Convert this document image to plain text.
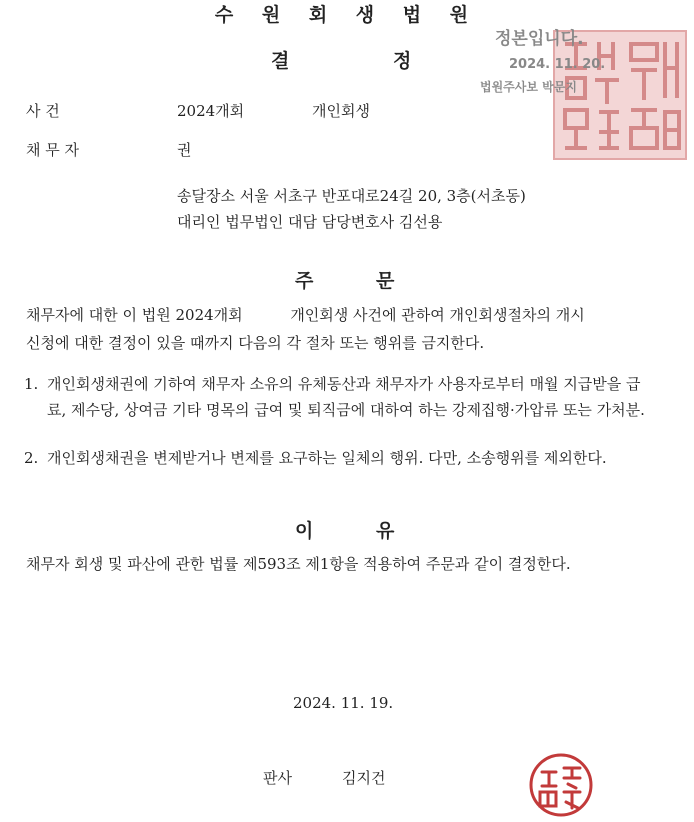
수 원 회 생 법 원
결	정
정본입니다.
2024. 11. 20.
법원주사보 박문지
사 건	2024개회	개인회생
채 무 자	권
송달장소 서울 서초구 반포대로24길 20, 3층(서초동)
대리인 법무법인 대담 담당변호사 김선용
주	문
채무자에 대한 이 법원 2024개회          개인회생 사건에 관하여 개인회생절차의 개시
신청에 대한 결정이 있을 때까지 다음의 각 절차 또는 행위를 금지한다.
1. 개인회생채권에 기하여 채무자 소유의 유체동산과 채무자가 사용자로부터 매월 지급받을 급료, 제수당, 상여금 기타 명목의 급여 및 퇴직금에 대하여 하는 강제집행·가압류 또는 가처분.
2. 개인회생채권을 변제받거나 변제를 요구하는 일체의 행위. 다만, 소송행위를 제외한다.
이	유
채무자 회생 및 파산에 관한 법률 제593조 제1항을 적용하여 주문과 같이 결정한다.
2024. 11. 19.
판사	김지건
